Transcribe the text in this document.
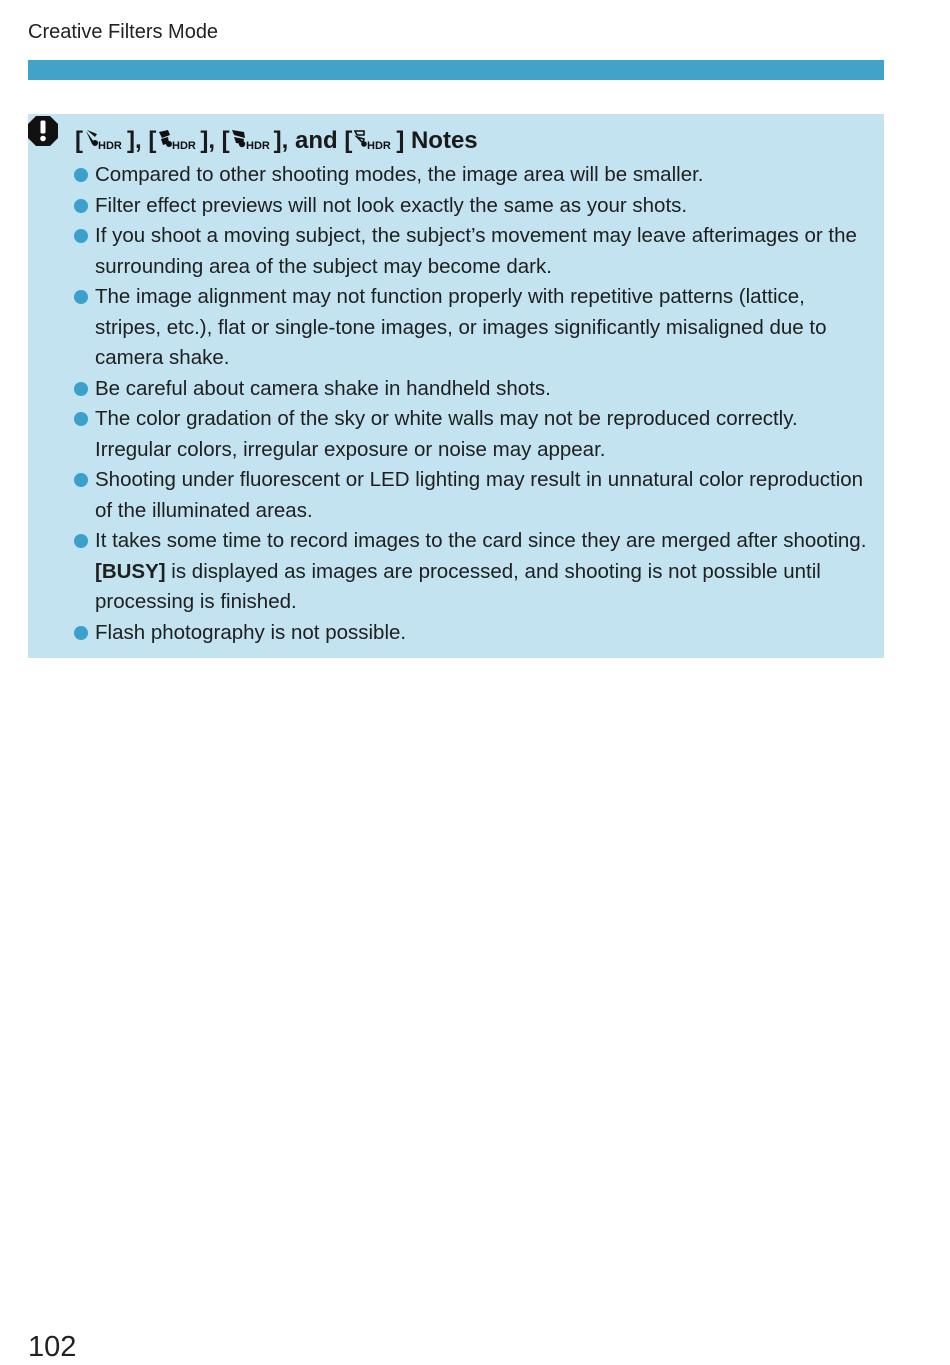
Creative Filters Mode
[ HDR ], [ HDR ], [ HDR ], and [ HDR ] Notes
Compared to other shooting modes, the image area will be smaller.
Filter effect previews will not look exactly the same as your shots.
If you shoot a moving subject, the subject’s movement may leave afterimages or the surrounding area of the subject may become dark.
The image alignment may not function properly with repetitive patterns (lattice, stripes, etc.), flat or single-tone images, or images significantly misaligned due to camera shake.
Be careful about camera shake in handheld shots.
The color gradation of the sky or white walls may not be reproduced correctly. Irregular colors, irregular exposure or noise may appear.
Shooting under fluorescent or LED lighting may result in unnatural color reproduction of the illuminated areas.
It takes some time to record images to the card since they are merged after shooting. [BUSY] is displayed as images are processed, and shooting is not possible until processing is finished.
Flash photography is not possible.
102
